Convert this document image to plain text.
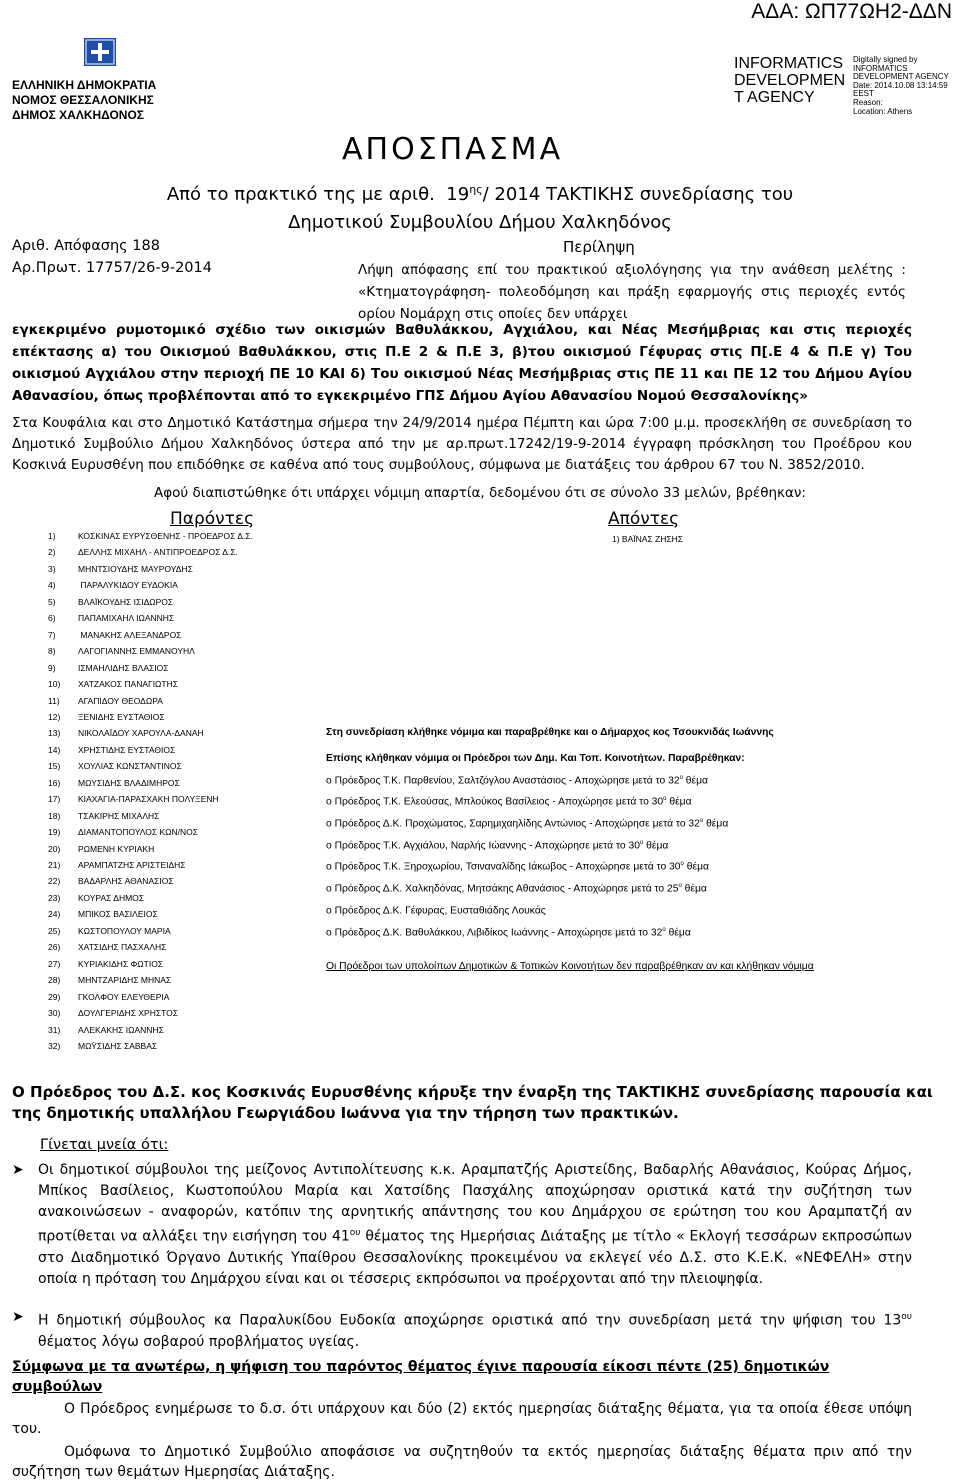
ΑΔΑ: ΩΠ77ΩΗ2-ΔΔΝ
ΕΛΛΗΝΙΚΗ ΔΗΜΟΚΡΑΤΙΑ
ΝΟΜΟΣ ΘΕΣΣΑΛΟΝΙΚΗΣ
ΔΗΜΟΣ ΧΑΛΚΗΔΟΝΟΣ
INFORMATICS
DEVELOPMEN
T AGENCY
Digitally signed by
INFORMATICS
DEVELOPMENT AGENCY
Date: 2014.10.08 13:14:59
EEST
Reason:
Location: Athens
ΑΠΟΣΠΑΣΜΑ
Από το πρακτικό της με αριθ. $19^{\eta\varsigma}/$ 2014 ΤΑΚΤΙΚΗΣ συνεδρίασης του
Δημοτικού Συμβουλίου Δήμου Χαλκηδόνος
Αριθ. Απόφασης 188
Αρ.Πρωτ. 17757/26-9-2014
Περίληψη
Λήψη απόφασης επί του πρακτικού αξιολόγησης για την ανάθεση μελέτης : «Κτηματογράφηση- πολεοδόμηση και πράξη εφαρμογής στις περιοχές εντός ορίου Νομάρχη στις οποίες δεν υπάρχει
εγκεκριμένο ρυμοτομικό σχέδιο των οικισμών Βαθυλάκκου, Αγχιάλου, και Νέας Μεσήμβριας και στις περιοχές επέκτασης α) του Οικισμού Βαθυλάκκου, στις Π.Ε 2 & Π.Ε 3, β)του οικισμού Γέφυρας στις Π[.Ε 4 & Π.Ε γ) Του οικισμού Αγχιάλου στην περιοχή ΠΕ 10 ΚΑΙ δ) Του οικισμού Νέας Μεσήμβριας στις ΠΕ 11 και ΠΕ 12 του Δήμου Αγίου Αθανασίου, όπως προβλέπονται από το εγκεκριμένο ΓΠΣ Δήμου Αγίου Αθανασίου Νομού Θεσσαλονίκης»
Στα Κουφάλια και στο Δημοτικό Κατάστημα σήμερα την 24/9/2014 ημέρα Πέμπτη και ώρα 7:00 μ.μ. προσεκλήθη σε συνεδρίαση το Δημοτικό Συμβούλιο Δήμου Χαλκηδόνος ύστερα από την με αρ.πρωτ.17242/19-9-2014 έγγραφη πρόσκληση του Προέδρου κου Κοσκινά Ευρυσθένη που επιδόθηκε σε καθένα από τους συμβούλους, σύμφωνα με διατάξεις του άρθρου 67 του Ν. 3852/2010.
Αφού διαπιστώθηκε ότι υπάρχει νόμιμη απαρτία, δεδομένου ότι σε σύνολο 33 μελών, βρέθηκαν:
Παρόντες	Απόντες
1)	ΚΟΣΚΙΝΑΣ ΕΥΡΥΣΘΕΝΗΣ - ΠΡΟΕΔΡΟΣ Δ.Σ.
2)	ΔΕΛΛΗΣ ΜΙΧΑΗΛ - ΑΝΤΙΠΡΟΕΔΡΟΣ Δ.Σ.
3)	ΜΗΝΤΣΙΟΥΔΗΣ ΜΑΥΡΟΥΔΗΣ
4)	ΠΑΡΑΛΥΚΙΔΟΥ ΕΥΔΟΚΙΑ
5)	ΒΛΑΪΚΟΥΔΗΣ ΙΣΙΔΩΡΟΣ
6)	ΠΑΠΑΜΙΧΑΗΛ ΙΩΑΝΝΗΣ
7)	ΜΑΝΑΚΗΣ ΑΛΕΞΑΝΔΡΟΣ
8)	ΛΑΓΟΓΙΑΝΝΗΣ ΕΜΜΑΝΟΥΗΛ
9)	ΙΣΜΑΗΛΙΔΗΣ ΒΛΑΣΙΟΣ
10) ΧΑΤΖΑΚΟΣ ΠΑΝΑΓΙΩΤΗΣ
11) ΑΓΑΠΙΔΟΥ ΘΕΟΔΩΡΑ
12) ΞΕΝΙΔΗΣ ΕΥΣΤΑΘΙΟΣ
13) ΝΙΚΟΛΑΪΔΟΥ ΧΑΡΟΥΛΑ-ΔΑΝΑΗ
14) ΧΡΗΣΤΙΔΗΣ ΕΥΣΤΑΘΙΟΣ
15) ΧΟΥΛΙΑΣ ΚΩΝΣΤΑΝΤΙΝΟΣ
16) ΜΩΥΣΙΔΗΣ ΒΛΑΔΙΜΗΡΟΣ
17) ΚΙΑΧΑΓΙΑ-ΠΑΡΑΣΧΑΚΗ ΠΟΛΥΞΕΝΗ
18) ΤΣΑΚΙΡΗΣ ΜΙΧΑΛΗΣ
19) ΔΙΑΜΑΝΤΟΠΟΥΛΟΣ ΚΩΝ/ΝΟΣ
20) ΡΩΜΕΝΗ ΚΥΡΙΑΚΗ
21) ΑΡΑΜΠΑΤΖΗΣ ΑΡΙΣΤΕΙΔΗΣ
22) ΒΑΔΑΡΛΗΣ ΑΘΑΝΑΣΙΟΣ
23) ΚΟΥΡΑΣ ΔΗΜΟΣ
24) ΜΠΙΚΟΣ ΒΑΣΙΛΕΙΟΣ
25) ΚΩΣΤΟΠΟΥΛΟΥ ΜΑΡΙΑ
26) ΧΑΤΣΙΔΗΣ ΠΑΣΧΑΛΗΣ
27) ΚΥΡΙΑΚΙΔΗΣ ΦΩΤΙΟΣ
28) ΜΗΝΤΖΑΡΙΔΗΣ ΜΗΝΑΣ
29) ΓΚΟΛΦΟΥ ΕΛΕΥΘΕΡΙΑ
30) ΔΟΥΛΓΕΡΙΔΗΣ ΧΡΗΣΤΟΣ
31) ΑΛΕΚΑΚΗΣ ΙΩΑΝΝΗΣ
32) ΜΩΫΣΙΔΗΣ ΣΑΒΒΑΣ
1) ΒΑΪΝΑΣ ΖΗΣΗΣ
Στη συνεδρίαση κλήθηκε νόμιμα και παραβρέθηκε και ο Δήμαρχος κος Τσουκνιδάς Ιωάννης
Επίσης κλήθηκαν νόμιμα οι Πρόεδροι των Δημ. Και Τοπ. Κοινοτήτων. Παραβρέθηκαν:
ο Πρόεδρος Τ.Κ. Παρθενίου, Σαλτζόγλου Αναστάσιος - Αποχώρησε μετά το $32^o$ θέμα
ο Πρόεδρος Τ.Κ. Ελεούσας, Μπλούκος Βασίλειος - Αποχώρησε μετά το $30^o$ θέμα
ο Πρόεδρος Δ.Κ. Προχώματος, Σαρημιχαηλίδης Αντώνιος - Αποχώρησε μετά το $32^o$ θέμα
ο Πρόεδρος Τ.Κ. Αγχιάλου, Ναρλής Ιώαννης - Αποχώρησε μετά το $30^o$ θέμα
ο Πρόεδρος Τ.Κ. Ξηροχωρίου, Τσιναναλίδης Ιάκωβος - Αποχώρησε μετά το $30^o$ θέμα
ο Πρόεδρος Δ.Κ. Χαλκηδόνας, Μητσάκης Αθανάσιος - Αποχώρησε μετά το $25^o$ θέμα
ο Πρόεδρος Δ.Κ. Γέφυρας, Ευσταθιάδης Λουκάς
ο Πρόεδρος Δ.Κ. Βαθυλάκκου, Λιβιδίκος Ιωάννης - Αποχώρησε μετά το $32^o$ θέμα
Οι Πρόεδροι των υπολοίπων Δημοτικών & Τοπικών Κοινοτήτων δεν παραβρέθηκαν αν και κλήθηκαν νόμιμα
Ο Πρόεδρος του Δ.Σ. κος Κοσκινάς Ευρυσθένης κήρυξε την έναρξη της ΤΑΚΤΙΚΗΣ συνεδρίασης παρουσία και της δημοτικής υπαλλήλου Γεωργιάδου Ιωάννα για την τήρηση των πρακτικών.
Γίνεται μνεία ότι:
➤ Οι δημοτικοί σύμβουλοι της μείζονος Αντιπολίτευσης κ.κ. Αραμπατζής Αριστείδης, Βαδαρλής Αθανάσιος, Κούρας Δήμος, Μπίκος Βασίλειος, Κωστοπούλου Μαρία και Χατσίδης Πασχάλης αποχώρησαν οριστικά κατά την συζήτηση των ανακοινώσεων - αναφορών, κατόπιν της αρνητικής απάντησης του κου Δημάρχου σε ερώτηση του κου Αραμπατζή αν προτίθεται να αλλάξει την εισήγηση του $41^{o\upsilon}$ θέματος της Ημερήσιας Διάταξης με τίτλο « Εκλογή τεσσάρων εκπροσώπων στο Διαδημοτικό Όργανο Δυτικής Υπαίθρου Θεσσαλονίκης προκειμένου να εκλεγεί νέο Δ.Σ. στο Κ.Ε.Κ. «ΝΕΦΕΛΗ» στην οποία η πρόταση του Δημάρχου είναι και οι τέσσερις εκπρόσωποι να προέρχονται από την πλειοψηφία.
➤ Η δημοτική σύμβουλος κα Παραλυκίδου Ευδοκία αποχώρησε οριστικά από την συνεδρίαση μετά την ψήφιση του $13^{o\upsilon}$ θέματος λόγω σοβαρού προβλήματος υγείας.
Σύμφωνα με τα ανωτέρω, η ψήφιση του παρόντος θέματος έγινε παρουσία είκοσι πέντε (25) δημοτικών συμβούλων
Ο Πρόεδρος ενημέρωσε το δ.σ. ότι υπάρχουν και δύο (2) εκτός ημερησίας διάταξης θέματα, για τα οποία έθεσε υπόψη του.
Ομόφωνα το Δημοτικό Συμβούλιο αποφάσισε να συζητηθούν τα εκτός ημερησίας διάταξης θέματα πριν από την συζήτηση των θεμάτων Ημερησίας Διάταξης.
